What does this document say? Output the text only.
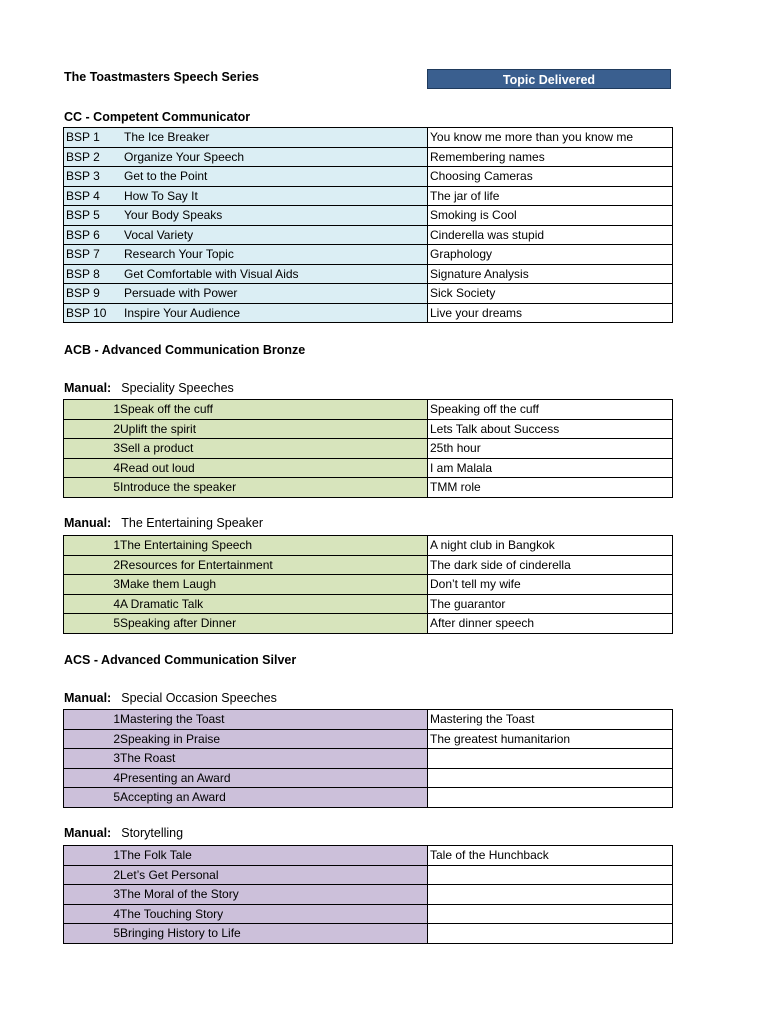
The Toastmasters Speech Series	Topic Delivered
CC - Competent Communicator
BSP 1 The Ice Breaker	You know me more than you know me
BSP 2 Organize Your Speech	Remembering names
BSP 3 Get to the Point	Choosing Cameras
BSP 4 How To Say It	The jar of life
BSP 5 Your Body Speaks	Smoking is Cool
BSP 6 Vocal Variety	Cinderella was stupid
BSP 7 Research Your Topic	Graphology
BSP 8 Get Comfortable with Visual Aids	Signature Analysis
BSP 9 Persuade with Power	Sick Society
BSP 10 Inspire Your Audience	Live your dreams
ACB - Advanced Communication Bronze
Manual: Speciality Speeches
1Speak off the cuff	Speaking off the cuff
2Uplift the spirit	Lets Talk about Success
3Sell a product	25th hour
4Read out loud	I am Malala
5Introduce the speaker	TMM role
Manual: The Entertaining Speaker
1The Entertaining Speech	A night club in Bangkok
2Resources for Entertainment	The dark side of cinderella
3Make them Laugh	Don’t tell my wife
4A Dramatic Talk	The guarantor
5Speaking after Dinner	After dinner speech
ACS - Advanced Communication Silver
Manual: Special Occasion Speeches
1Mastering the Toast	Mastering the Toast
2Speaking in Praise	The greatest humanitarion
3The Roast	
4Presenting an Award	
5Accepting an Award	
Manual: Storytelling
1The Folk Tale	Tale of the Hunchback
2Let’s Get Personal	
3The Moral of the Story	
4The Touching Story	
5Bringing History to Life	
